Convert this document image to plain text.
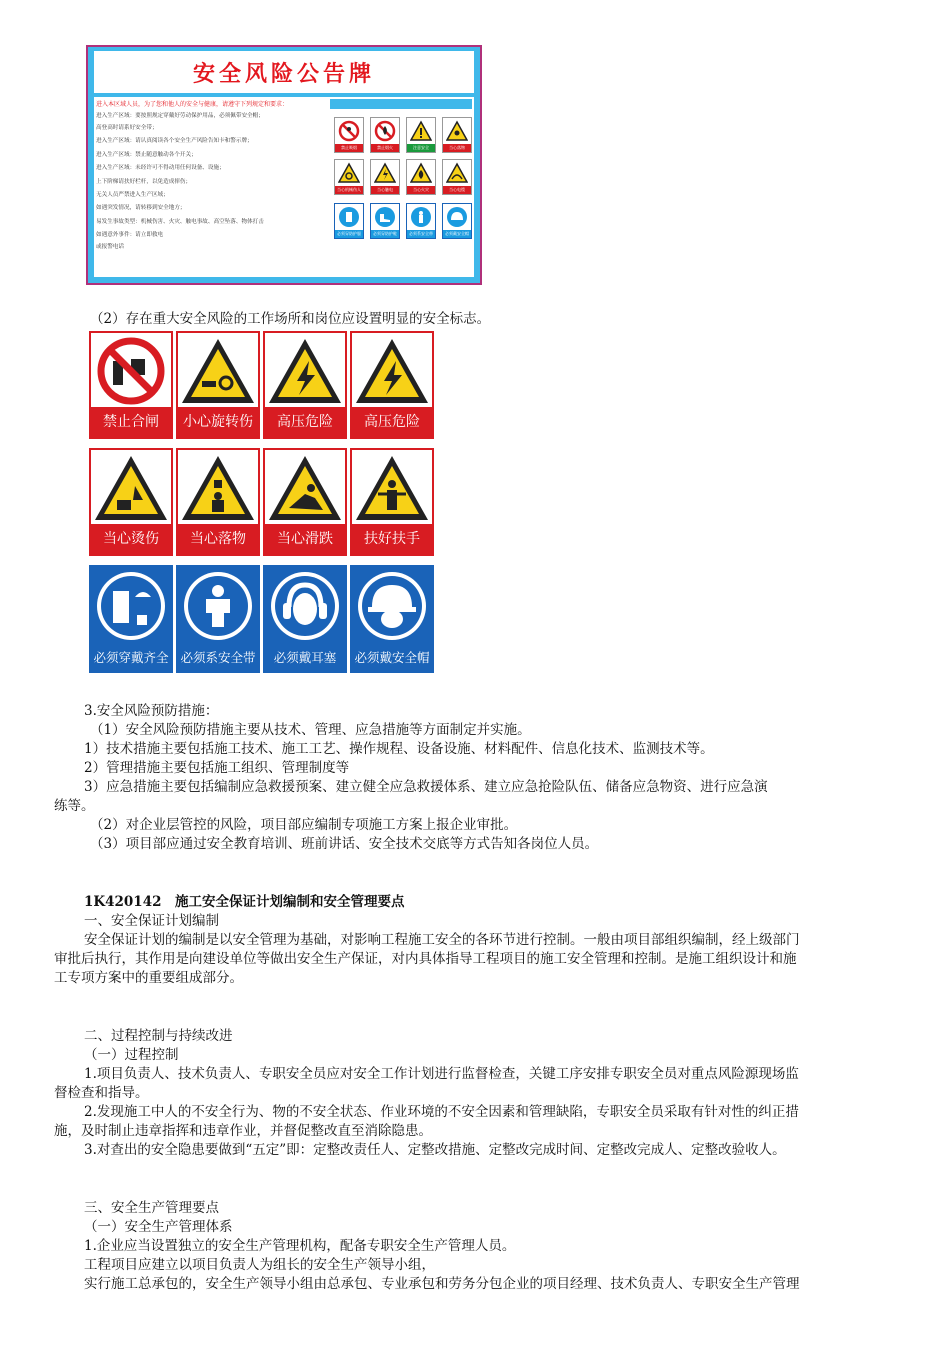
安全风险公告牌
进入本区域人员，为了您和他人的安全与健康，请遵守下列规定和要求：
进入生产区域：要按照规定穿戴好劳动保护用品，必须佩带安全帽；
高登高时请系好安全带；
进入生产区域：请认真阅读各个安全生产风险告知卡和警示牌；
进入生产区域：禁止随意触动各个开关；
进入生产区域：未经许可不得动用任何设备、设施；
上下阶梯请扶好栏杆，以免造成摔伤；
无关人员严禁进入生产区域；
如遇突发情况，请转移到安全地方；
易发生事故类型：机械伤害、火灾、触电事故、高空坠落、物体打击
如遇意外事件：请立即救电
或报警电话
禁止吸烟	禁止烟火	注意安全	当心落物
当心机械伤人	当心触电	当心火灾	当心电缆
必须穿防护服	必须穿防护鞋	必须系安全带	必须戴安全帽
（2）存在重大安全风险的工作场所和岗位应设置明显的安全标志。
禁止合闸	小心旋转伤	高压危险	高压危险
当心烫伤	当心落物	当心滑跌	扶好扶手
必须穿戴齐全 必须系安全带	必须戴耳塞	必须戴安全帽
3.安全风险预防措施：
（1）安全风险预防措施主要从技术、管理、应急措施等方面制定并实施。
1）技术措施主要包括施工技术、施工工艺、操作规程、设备设施、材料配件、信息化技术、监测技术等。
2）管理措施主要包括施工组织、管理制度等
3）应急措施主要包括编制应急救援预案、建立健全应急救援体系、建立应急抢险队伍、储备应急物资、进行应急演
练等。
（2）对企业层管控的风险，项目部应编制专项施工方案上报企业审批。
（3）项目部应通过安全教育培训、班前讲话、安全技术交底等方式告知各岗位人员。
1K420142　施工安全保证计划编制和安全管理要点
一、安全保证计划编制
安全保证计划的编制是以安全管理为基础，对影响工程施工安全的各环节进行控制。一般由项目部组织编制，经上级部门
审批后执行，其作用是向建设单位等做出安全生产保证，对内具体指导工程项目的施工安全管理和控制。是施工组织设计和施
工专项方案中的重要组成部分。
二、过程控制与持续改进
（一）过程控制
1.项目负责人、技术负责人、专职安全员应对安全工作计划进行监督检查，关键工序安排专职安全员对重点风险源现场监
督检查和指导。
2.发现施工中人的不安全行为、物的不安全状态、作业环境的不安全因素和管理缺陷，专职安全员采取有针对性的纠正措
施，及时制止违章指挥和违章作业，并督促整改直至消除隐患。
3.对查出的安全隐患要做到“五定”即：定整改责任人、定整改措施、定整改完成时间、定整改完成人、定整改验收人。
三、安全生产管理要点
（一）安全生产管理体系
1.企业应当设置独立的安全生产管理机构，配备专职安全生产管理人员。
工程项目应建立以项目负责人为组长的安全生产领导小组，
实行施工总承包的，安全生产领导小组由总承包、专业承包和劳务分包企业的项目经理、技术负责人、专职安全生产管理
